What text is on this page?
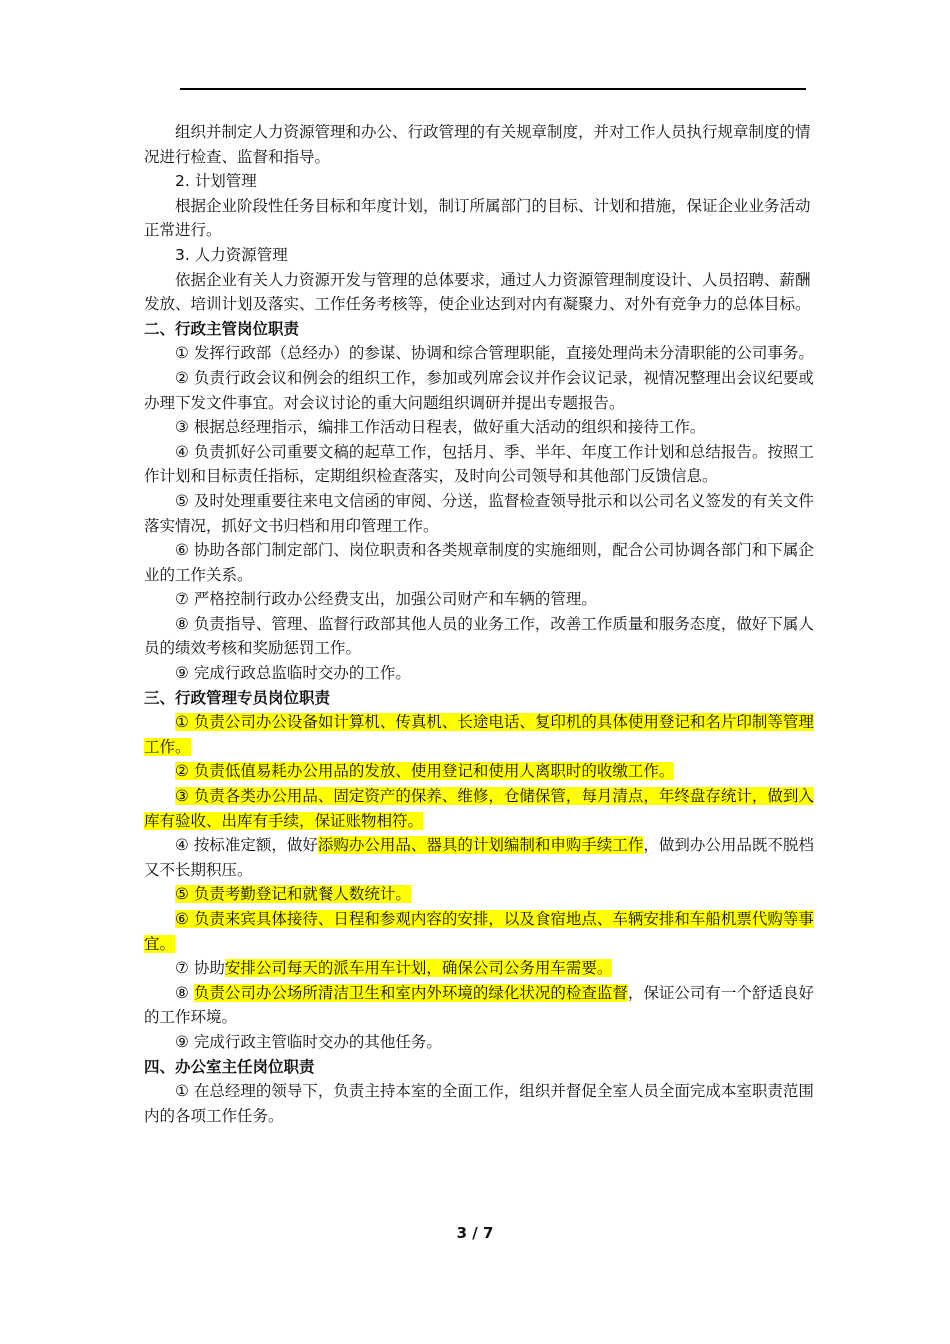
组织并制定人力资源管理和办公、行政管理的有关规章制度，并对工作人员执行规章制度的情况进行检查、监督和指导。

2. 计划管理

根据企业阶段性任务目标和年度计划，制订所属部门的目标、计划和措施，保证企业业务活动正常进行。

3. 人力资源管理

依据企业有关人力资源开发与管理的总体要求，通过人力资源管理制度设计、人员招聘、薪酬发放、培训计划及落实、工作任务考核等，使企业达到对内有凝聚力、对外有竞争力的总体目标。

二、行政主管岗位职责

① 发挥行政部（总经办）的参谋、协调和综合管理职能，直接处理尚未分清职能的公司事务。

② 负责行政会议和例会的组织工作，参加或列席会议并作会议记录，视情况整理出会议纪要或办理下发文件事宜。对会议讨论的重大问题组织调研并提出专题报告。

③ 根据总经理指示，编排工作活动日程表，做好重大活动的组织和接待工作。

④ 负责抓好公司重要文稿的起草工作，包括月、季、半年、年度工作计划和总结报告。按照工作计划和目标责任指标，定期组织检查落实，及时向公司领导和其他部门反馈信息。

⑤ 及时处理重要往来电文信函的审阅、分送，监督检查领导批示和以公司名义签发的有关文件落实情况，抓好文书归档和用印管理工作。

⑥ 协助各部门制定部门、岗位职责和各类规章制度的实施细则，配合公司协调各部门和下属企业的工作关系。

⑦ 严格控制行政办公经费支出，加强公司财产和车辆的管理。

⑧ 负责指导、管理、监督行政部其他人员的业务工作，改善工作质量和服务态度，做好下属人员的绩效考核和奖励惩罚工作。

⑨ 完成行政总监临时交办的工作。

三、行政管理专员岗位职责

① 负责公司办公设备如计算机、传真机、长途电话、复印机的具体使用登记和名片印制等管理工作。

② 负责低值易耗办公用品的发放、使用登记和使用人离职时的收缴工作。

③ 负责各类办公用品、固定资产的保养、维修，仓储保管，每月清点，年终盘存统计，做到入库有验收、出库有手续，保证账物相符。

④ 按标准定额，做好添购办公用品、器具的计划编制和申购手续工作，做到办公用品既不脱档又不长期积压。

⑤ 负责考勤登记和就餐人数统计。

⑥ 负责来宾具体接待、日程和参观内容的安排，以及食宿地点、车辆安排和车船机票代购等事宜。

⑦ 协助安排公司每天的派车用车计划，确保公司公务用车需要。

⑧ 负责公司办公场所清洁卫生和室内外环境的绿化状况的检查监督，保证公司有一个舒适良好的工作环境。

⑨ 完成行政主管临时交办的其他任务。

四、办公室主任岗位职责

① 在总经理的领导下，负责主持本室的全面工作，组织并督促全室人员全面完成本室职责范围内的各项工作任务。

3 / 7
